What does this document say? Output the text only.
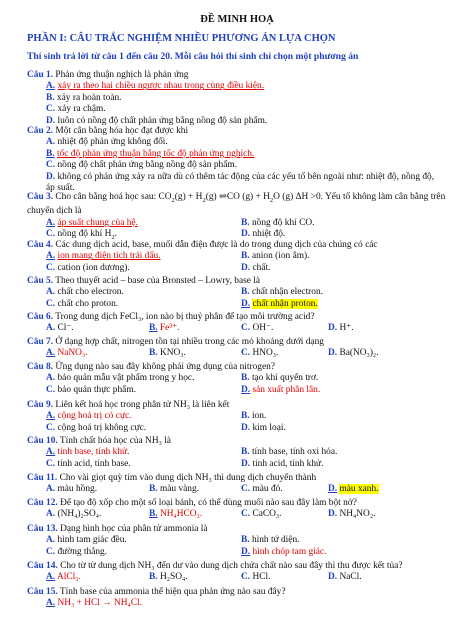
ĐỀ MINH HOẠ
PHẦN I: CÂU TRẮC NGHIỆM NHIỀU PHƯƠNG ÁN LỰA CHỌN
Thí sinh trả lời từ câu 1 đến câu 20. Mỗi câu hỏi thí sinh chỉ chọn một phương án
Câu 1. Phản ứng thuận nghịch là phản ứng
A. xảy ra theo hai chiều ngược nhau trong cùng điều kiện.
B. xảy ra hoàn toàn.
C. xảy ra chậm.
D. luôn có nồng độ chất phản ứng bằng nồng độ sản phẩm.
Câu 2. Một cân bằng hóa học đạt được khi
A. nhiệt độ phản ứng không đổi.
B. tốc độ phản ứng thuận bằng tốc độ phản ứng nghịch.
C. nồng độ chất phản ứng bằng nồng độ sản phẩm.
D. không có phản ứng xảy ra nữa dù có thêm tác động của các yếu tố bên ngoài như: nhiệt độ, nồng độ,
áp suất.
Câu 3. Cho cân bằng hoá học sau: $CO_2(g) + H_2(g)$ ⇌CO $(g) + H_2O$ (g) ΔH >0. Yếu tố không làm cân bằng trên
chuyển dịch là
A. áp suất chung của hệ.	B. nồng độ khí CO.
C. nồng độ khí $H_2$.	D. nhiệt độ.
Câu 4. Các dung dịch acid, base, muối dẫn điện được là do trong dung dịch của chúng có các
A. ion mang điện tích trái dấu.	B. anion (ion âm).
C. cation (ion dương).	D. chất.
Câu 5. Theo thuyết acid – base của Bronsted – Lowry, base là
A. chất cho electron.	B. chất nhận electron.
C. chất cho proton.	D. chất nhận proton.
Câu 6. Trong dung dịch FeCl₃, ion nào bị thuỷ phân để tạo môi trường acid?
A. Cl⁻.	B. Fe³⁺.	C. OH⁻.	D. H⁺.
Câu 7. Ở dạng hợp chất, nitrogen tồn tại nhiều trong các mỏ khoáng dưới dạng
A. NaNO₃.	B. KNO₃.	C. HNO₃.	D. Ba(NO₃)₂.
Câu 8. Ứng dụng nào sau đây không phải ứng dụng của nitrogen?
A. bảo quản mẫu vật phẩm trong y học.	B. tạo khí quyển trơ.
C. bảo quản thực phẩm.	D. sản xuất phân lân.
Câu 9. Liên kết hoá học trong phân tử NH₃ là liên kết
A. cộng hoá trị có cực.	B. ion.
C. cộng hoá trị không cực.	D. kim loại.
Câu 10. Tính chất hóa học của NH₃ là
A. tính base, tính khử.	B. tính base, tính oxi hóa.
C. tính acid, tính base.	D. tính acid, tính khử.
Câu 11. Cho vài giọt quỳ tím vào dung dịch NH₃ thì dung dịch chuyển thành
A. màu hồng.	B. màu vàng.	C. màu đỏ.	D. màu xanh.
Câu 12. Để tạo độ xốp cho một số loại bánh, có thể dùng muối nào sau đây làm bột nở?
A. (NH₄)₂SO₄.	B. NH₄HCO₃.	C. CaCO₃.	D. NH₄NO₂.
Câu 13. Dạng hình học của phân tử ammonia là
A. hình tam giác đều.	B. hình tứ diện.
C. đường thẳng.	D. hình chóp tam giác.
Câu 14. Cho từ từ dung dịch NH₃ đến dư vào dung dịch chứa chất nào sau đây thì thu được kết tủa?
A. AlCl₃.	B. H₂SO₄.	C. HCl.	D. NaCl.
Câu 15. Tính base của ammonia thể hiện qua phản ứng nào sau đây?
A. NH₃ + HCl → NH₄Cl.
